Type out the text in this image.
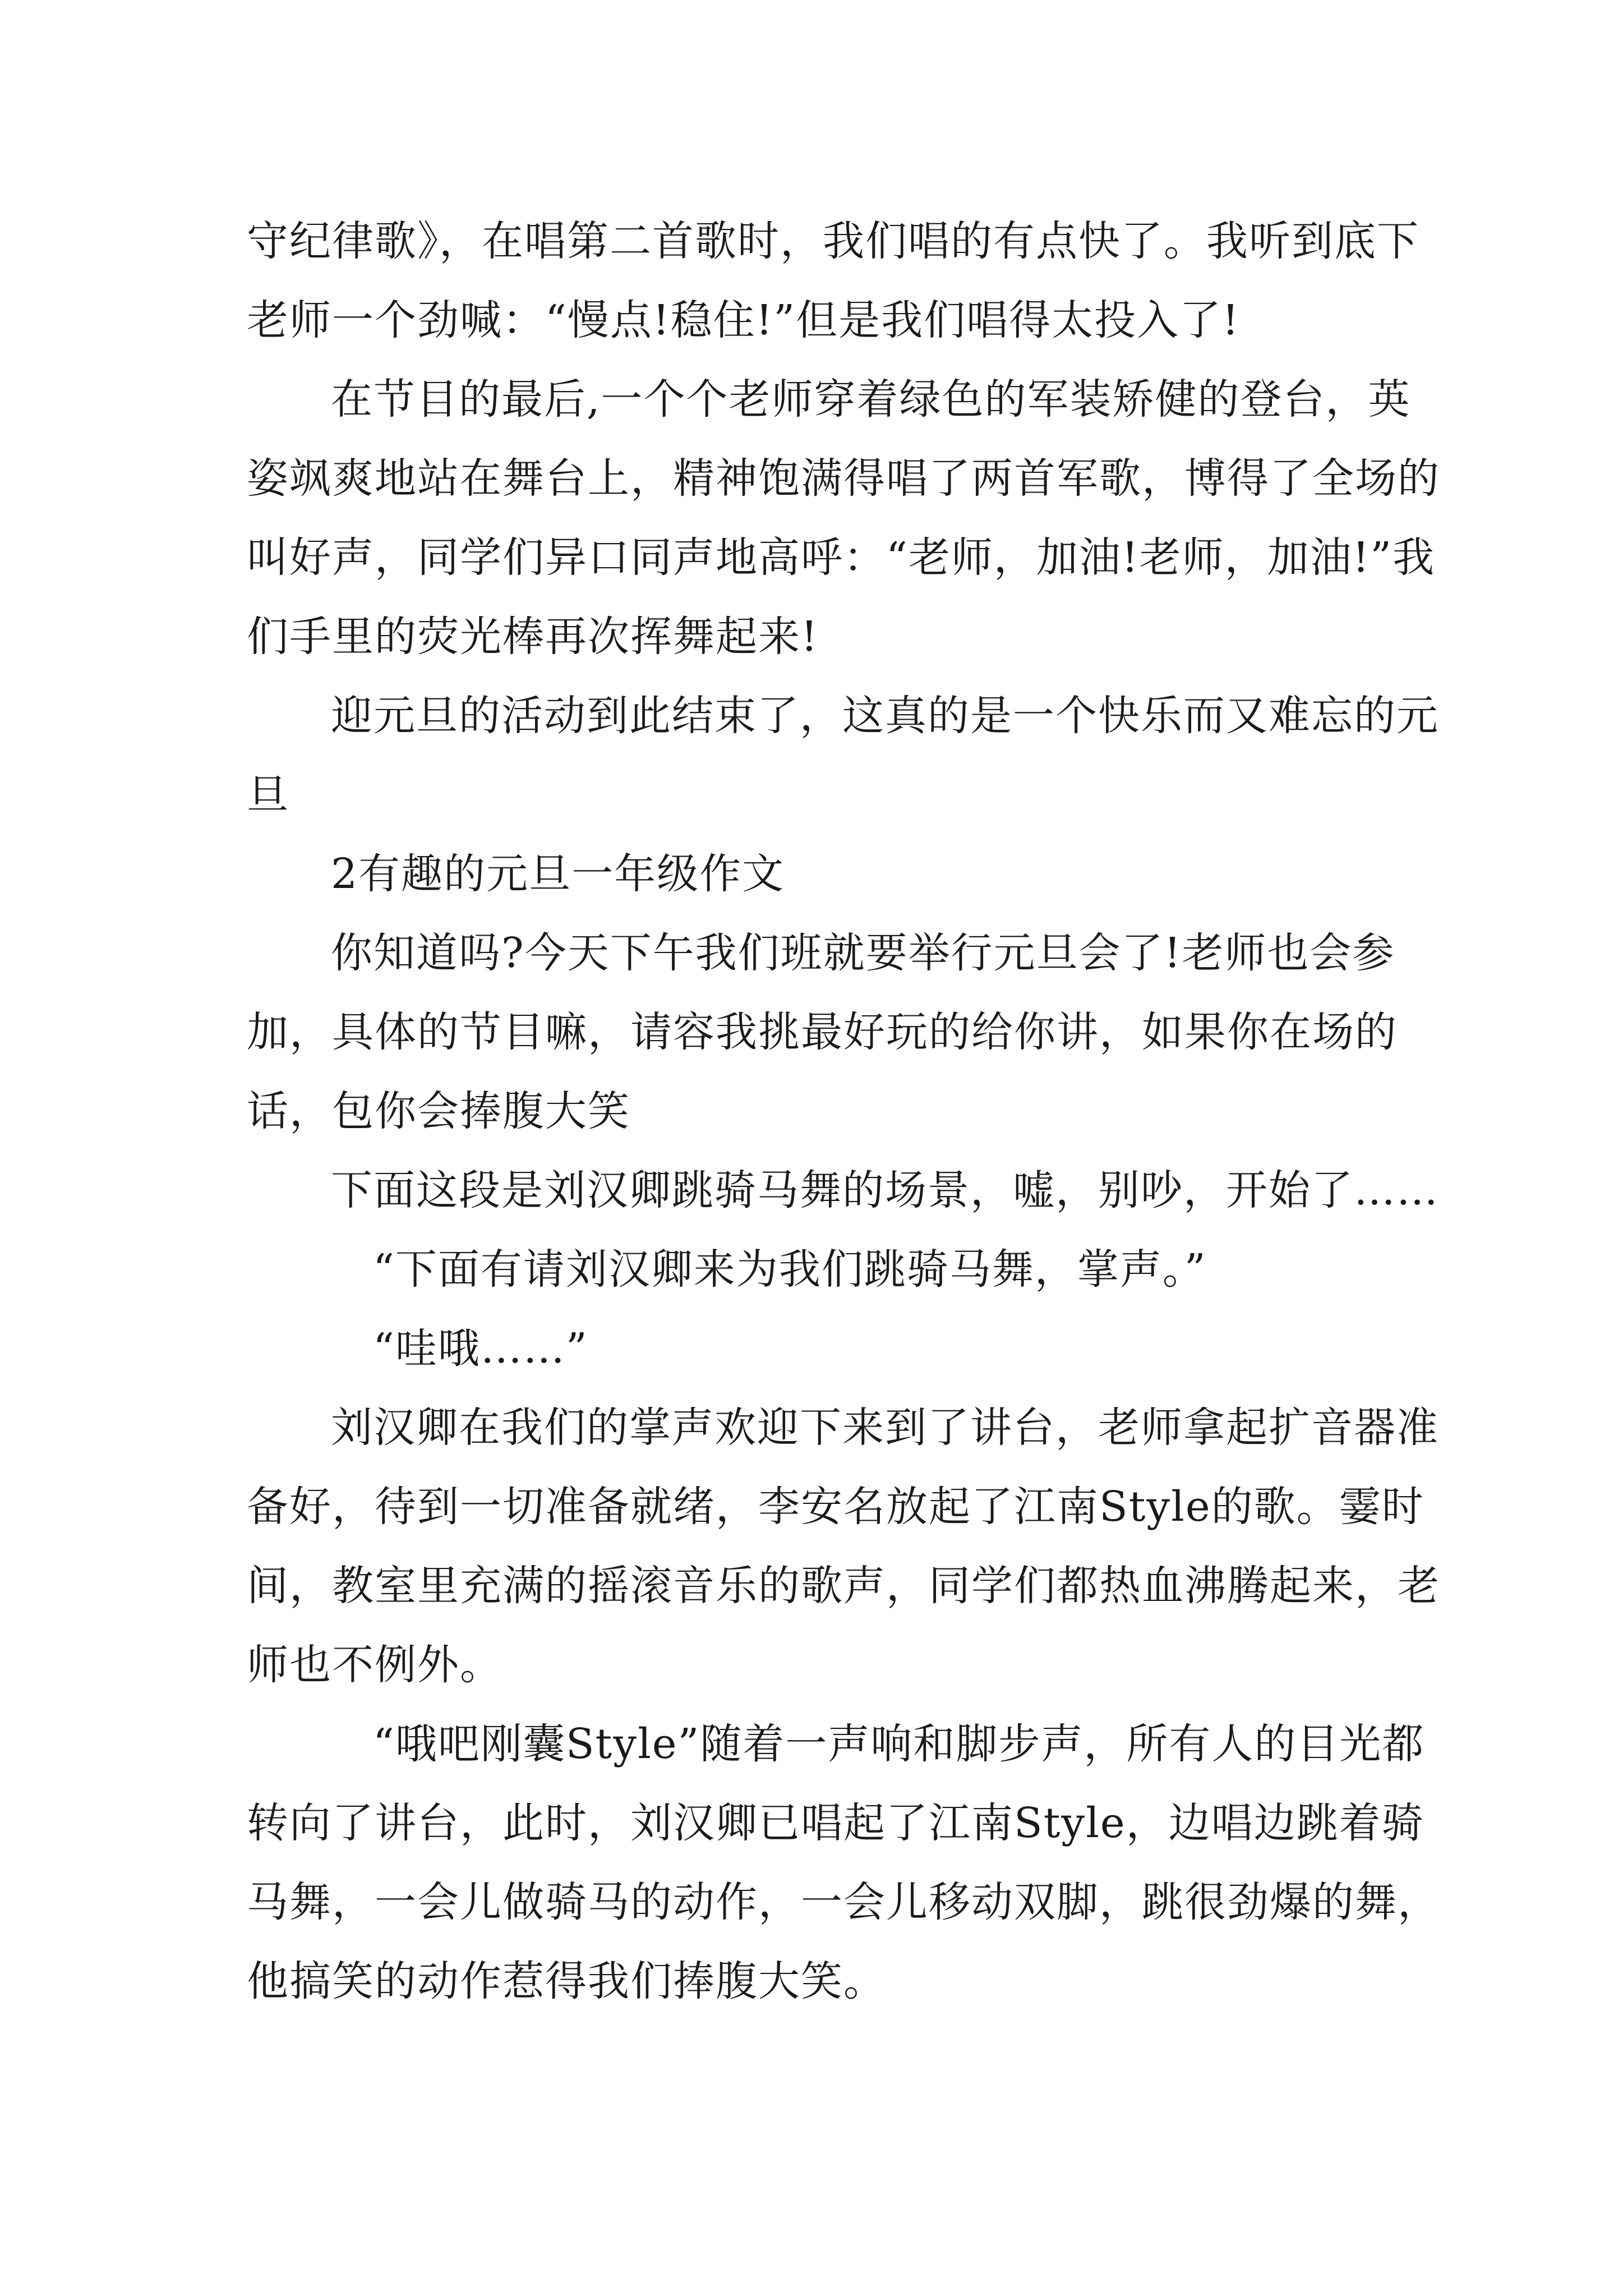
守纪律歌》，在唱第二首歌时，我们唱的有点快了。我听到底下老师一个劲喊：“慢点!稳住!”但是我们唱得太投入了!

在节目的最后,一个个老师穿着绿色的军装矫健的登台，英姿飒爽地站在舞台上，精神饱满得唱了两首军歌，博得了全场的叫好声，同学们异口同声地高呼：“老师，加油!老师，加油!”我们手里的荧光棒再次挥舞起来!

迎元旦的活动到此结束了，这真的是一个快乐而又难忘的元旦

2有趣的元旦一年级作文

你知道吗?今天下午我们班就要举行元旦会了!老师也会参加，具体的节目嘛，请容我挑最好玩的给你讲，如果你在场的话，包你会捧腹大笑

下面这段是刘汉卿跳骑马舞的场景，嘘，别吵，开始了……

“下面有请刘汉卿来为我们跳骑马舞，掌声。”

“哇哦……”

刘汉卿在我们的掌声欢迎下来到了讲台，老师拿起扩音器准备好，待到一切准备就绪，李安名放起了江南Style的歌。霎时间，教室里充满的摇滚音乐的歌声，同学们都热血沸腾起来，老师也不例外。

“哦吧刚囊Style”随着一声响和脚步声，所有人的目光都转向了讲台，此时，刘汉卿已唱起了江南Style，边唱边跳着骑马舞，一会儿做骑马的动作，一会儿移动双脚，跳很劲爆的舞，他搞笑的动作惹得我们捧腹大笑。
